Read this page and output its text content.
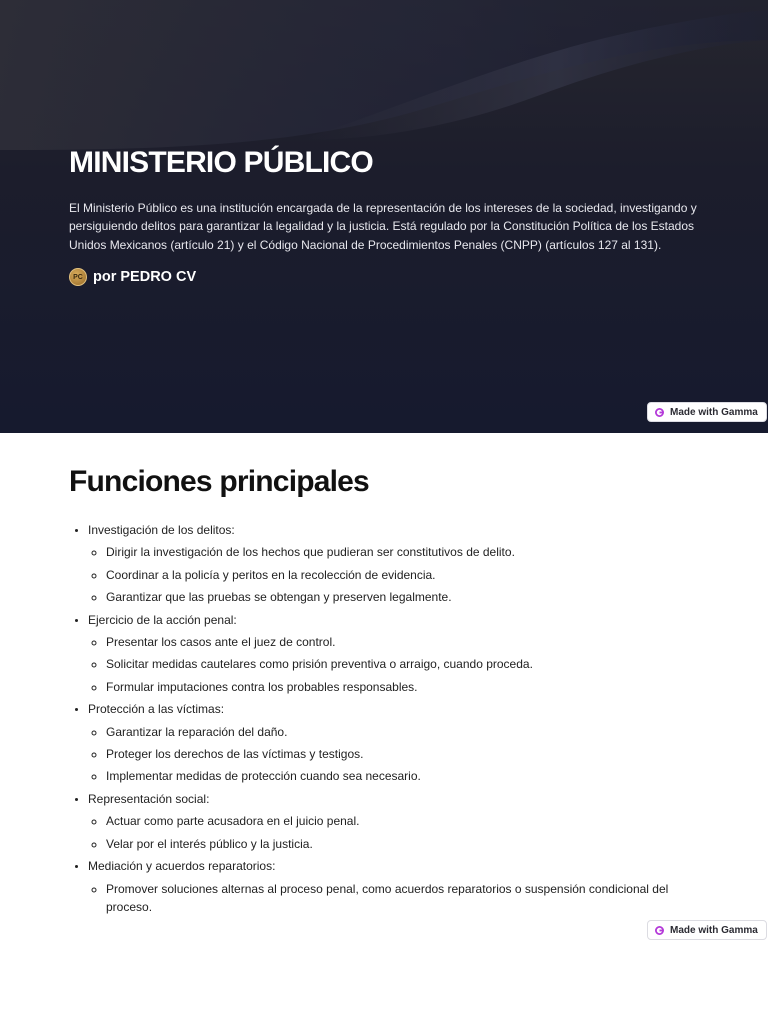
MINISTERIO PÚBLICO

El Ministerio Público es una institución encargada de la representación de los intereses de la sociedad, investigando y persiguiendo delitos para garantizar la legalidad y la justicia. Está regulado por la Constitución Política de los Estados Unidos Mexicanos (artículo 21) y el Código Nacional de Procedimientos Penales (CNPP) (artículos 127 al 131).

PC por PEDRO CV
Made with Gamma
Funciones principales
• Investigación de los delitos:
◦ Dirigir la investigación de los hechos que pudieran ser constitutivos de delito.
◦ Coordinar a la policía y peritos en la recolección de evidencia.
◦ Garantizar que las pruebas se obtengan y preserven legalmente.
• Ejercicio de la acción penal:
◦ Presentar los casos ante el juez de control.
◦ Solicitar medidas cautelares como prisión preventiva o arraigo, cuando proceda.
◦ Formular imputaciones contra los probables responsables.
• Protección a las víctimas:
◦ Garantizar la reparación del daño.
◦ Proteger los derechos de las víctimas y testigos.
◦ Implementar medidas de protección cuando sea necesario.
• Representación social:
◦ Actuar como parte acusadora en el juicio penal.
◦ Velar por el interés público y la justicia.
• Mediación y acuerdos reparatorios:
◦ Promover soluciones alternas al proceso penal, como acuerdos reparatorios o suspensión condicional del proceso.
Made with Gamma
